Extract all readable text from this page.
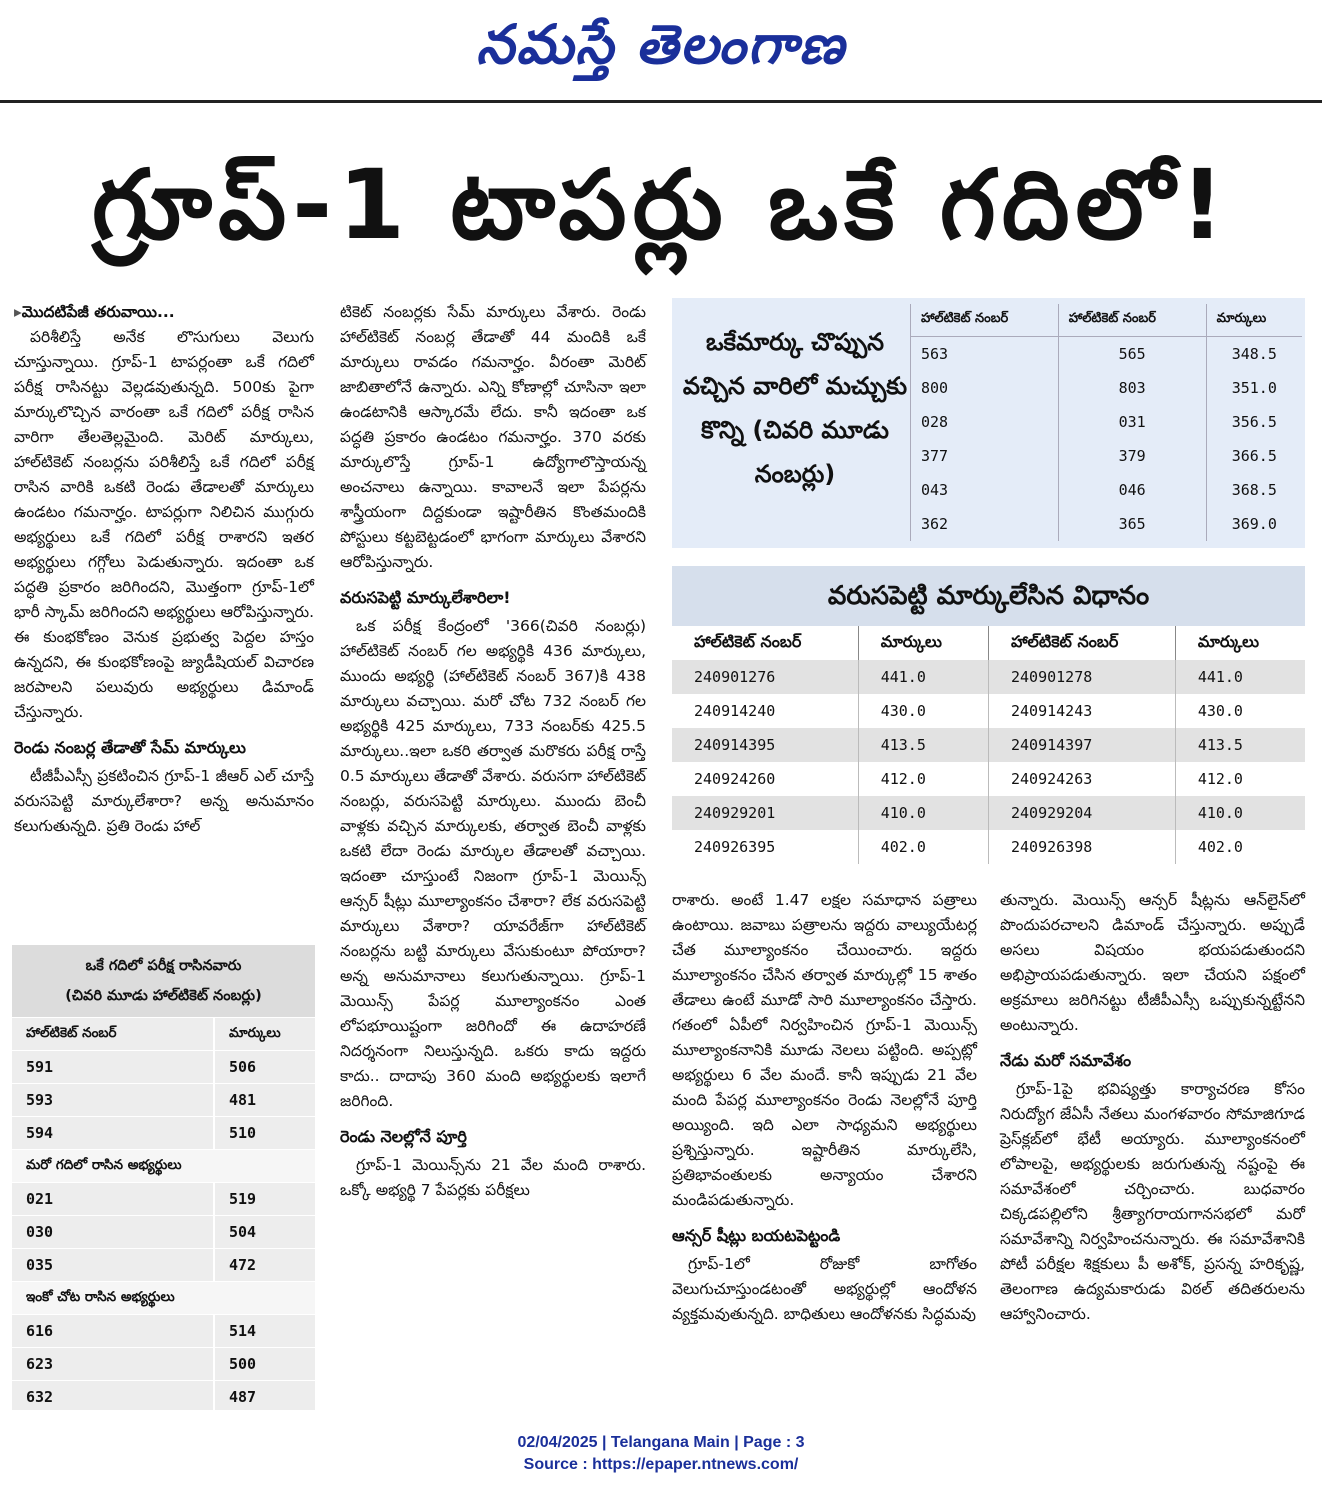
నమస్తే తెలంగాణ
గ్రూప్-1 టాపర్లు ఒకే గదిలో!

▸ మొదటిపేజీ తరువాయి...

పరిశీలిస్తే అనేక లొసుగులు వెలుగు చూస్తున్నాయి. గ్రూప్-1 టాపర్లంతా ఒకే గదిలో పరీక్ష రాసినట్టు వెల్లడవుతున్నది. 500కు పైగా మార్కులొచ్చిన వారంతా ఒకే గదిలో పరీక్ష రాసిన వారిగా తేలతెల్లమైంది. మెరిట్ మార్కులు, హాల్‌టికెట్ నంబర్లను పరిశీలిస్తే ఒకే గదిలో పరీక్ష రాసిన వారికి ఒకటి రెండు తేడాలతో మార్కులు ఉండటం గమనార్హం. టాపర్లుగా నిలిచిన ముగ్గురు అభ్యర్థులు ఒకే గదిలో పరీక్ష రాశారని ఇతర అభ్యర్థులు గగ్గోలు పెడుతున్నారు. ఇదంతా ఒక పద్ధతి ప్రకారం జరిగిందని, మొత్తంగా గ్రూప్-1లో భారీ స్కామ్ జరిగిందని అభ్యర్థులు ఆరోపిస్తున్నారు. ఈ కుంభకోణం వెనుక ప్రభుత్వ పెద్దల హస్తం ఉన్నదని, ఈ కుంభకోణంపై జ్యుడీషియల్ విచారణ జరపాలని పలువురు అభ్యర్థులు డిమాండ్ చేస్తున్నారు.

రెండు నంబర్ల తేడాతో సేమ్ మార్కులు

టీజీపీఎస్సీ ప్రకటించిన గ్రూప్-1 జీఆర్ ఎల్ చూస్తే వరుసపెట్టి మార్కులేశారా? అన్న అనుమానం కలుగుతున్నది. ప్రతి రెండు హాల్

ఒకే గదిలో పరీక్ష రాసినవారు
(చివరి మూడు హాల్‌టికెట్ నంబర్లు)
హాల్‌టికెట్ నంబర్	మార్కులు
591	506
593	481
594	510
మరో గదిలో రాసిన అభ్యర్థులు	
021	519
030	504
035	472
ఇంకో చోట రాసిన అభ్యర్థులు	
616	514
623	500
632	487

టికెట్ నంబర్లకు సేమ్ మార్కులు వేశారు. రెండు హాల్‌టికెట్ నంబర్ల తేడాతో 44 మందికి ఒకే మార్కులు రావడం గమనార్హం. వీరంతా మెరిట్ జాబితాలోనే ఉన్నారు. ఎన్ని కోణాల్లో చూసినా ఇలా ఉండటానికి ఆస్కారమే లేదు. కానీ ఇదంతా ఒక పద్ధతి ప్రకారం ఉండటం గమనార్హం. 370 వరకు మార్కులొస్తే గ్రూప్-1 ఉద్యోగాలొస్తాయన్న అంచనాలు ఉన్నాయి. కావాలనే ఇలా పేపర్లను శాస్త్రీయంగా దిద్దకుండా ఇష్టారీతిన కొంతమందికి పోస్టులు కట్టబెట్టడంలో భాగంగా మార్కులు వేశారని ఆరోపిస్తున్నారు.

వరుసపెట్టి మార్కులేశారిలా!

ఒక పరీక్ష కేంద్రంలో '366(చివరి నంబర్లు) హాల్‌టికెట్ నంబర్ గల అభ్యర్థికి 436 మార్కులు, ముందు అభ్యర్థి (హాల్‌టికెట్ నంబర్ 367)కి 438 మార్కులు వచ్చాయి. మరో చోట 732 నంబర్ గల అభ్యర్థికి 425 మార్కులు, 733 నంబర్‌కు 425.5 మార్కులు..ఇలా ఒకరి తర్వాత మరొకరు పరీక్ష రాస్తే 0.5 మార్కులు తేడాతో వేశారు. వరుసగా హాల్‌టికెట్ నంబర్లు, వరుసపెట్టి మార్కులు. ముందు బెంచీ వాళ్లకు వచ్చిన మార్కులకు, తర్వాత బెంచీ వాళ్లకు ఒకటి లేదా రెండు మార్కుల తేడాలతో వచ్చాయి. ఇదంతా చూస్తుంటే నిజంగా గ్రూప్-1 మెయిన్స్ ఆన్సర్ షీట్లు మూల్యాంకనం చేశారా? లేక వరుసపెట్టి మార్కులు వేశారా? యావరేజ్‌గా హాల్‌టికెట్ నంబర్లను బట్టి మార్కులు వేసుకుంటూ పోయారా? అన్న అనుమానాలు కలుగుతున్నాయి. గ్రూప్-1 మెయిన్స్ పేపర్ల మూల్యాంకనం ఎంత లోపభూయిష్టంగా జరిగిందో ఈ ఉదాహరణే నిదర్శనంగా నిలుస్తున్నది. ఒకరు కాదు ఇద్దరు కాదు.. దాదాపు 360 మంది అభ్యర్థులకు ఇలాగే జరిగింది.

రెండు నెలల్లోనే పూర్తి

గ్రూప్-1 మెయిన్స్‌ను 21 వేల మంది రాశారు. ఒక్కో అభ్యర్థి 7 పేపర్లకు పరీక్షలు

ఒకేమార్కు చొప్పున వచ్చిన వారిలో మచ్చుకు కొన్ని (చివరి మూడు నంబర్లు)
హాల్‌టికెట్ నంబర్	హాల్‌టికెట్ నంబర్	మార్కులు
563	565	348.5
800	803	351.0
028	031	356.5
377	379	366.5
043	046	368.5
362	365	369.0
వరుసపెట్టి మార్కులేసిన విధానం
హాల్‌టికెట్ నంబర్	మార్కులు	హాల్‌టికెట్ నంబర్	మార్కులు
240901276	441.0	240901278	441.0
240914240	430.0	240914243	430.0
240914395	413.5	240914397	413.5
240924260	412.0	240924263	412.0
240929201	410.0	240929204	410.0
240926395	402.0	240926398	402.0

రాశారు. అంటే 1.47 లక్షల సమాధాన పత్రాలు ఉంటాయి. జవాబు పత్రాలను ఇద్దరు వాల్యుయేటర్ల చేత మూల్యాంకనం చేయించారు. ఇద్దరు మూల్యాంకనం చేసిన తర్వాత మార్కుల్లో 15 శాతం తేడాలు ఉంటే మూడో సారి మూల్యాంకనం చేస్తారు. గతంలో ఏపీలో నిర్వహించిన గ్రూప్-1 మెయిన్స్ మూల్యాంకనానికి మూడు నెలలు పట్టింది. అప్పట్లో అభ్యర్థులు 6 వేల మందే. కానీ ఇప్పుడు 21 వేల మంది పేపర్ల మూల్యాంకనం రెండు నెలల్లోనే పూర్తి అయ్యింది. ఇది ఎలా సాధ్యమని అభ్యర్థులు ప్రశ్నిస్తున్నారు. ఇష్టారీతిన మార్కులేసి, ప్రతిభావంతులకు అన్యాయం చేశారని మండిపడుతున్నారు.

ఆన్సర్ షీట్లు బయటపెట్టండి

గ్రూప్-1లో రోజుకో బాగోతం వెలుగుచూస్తుండటంతో అభ్యర్థుల్లో ఆందోళన వ్యక్తమవుతున్నది. బాధితులు ఆందోళనకు సిద్ధమవు

తున్నారు. మెయిన్స్ ఆన్సర్ షీట్లను ఆన్‌లైన్‌లో పొందుపరచాలని డిమాండ్ చేస్తున్నారు. అప్పుడే అసలు విషయం భయపడుతుందని అభిప్రాయపడుతున్నారు. ఇలా చేయని పక్షంలో అక్రమాలు జరిగినట్టు టీజీపీఎస్సీ ఒప్పుకున్నట్టేనని అంటున్నారు.

నేడు మరో సమావేశం

గ్రూప్-1పై భవిష్యత్తు కార్యాచరణ కోసం నిరుద్యోగ జేఏసీ నేతలు మంగళవారం సోమాజిగూడ ప్రెస్‌క్లబ్‌లో భేటీ అయ్యారు. మూల్యాంకనంలో లోపాలపై, అభ్యర్థులకు జరుగుతున్న నష్టంపై ఈ సమావేశంలో చర్చించారు. బుధవారం చిక్కడపల్లిలోని శ్రీత్యాగరాయగానసభలో మరో సమావేశాన్ని నిర్వహించనున్నారు. ఈ సమావేశానికి పోటీ పరీక్షల శిక్షకులు పీ అశోక్, ప్రసన్న హరికృష్ణ, తెలంగాణ ఉద్యమకారుడు విఠల్ తదితరులను ఆహ్వానించారు.

02/04/2025 | Telangana Main | Page : 3
Source : https://epaper.ntnews.com/
